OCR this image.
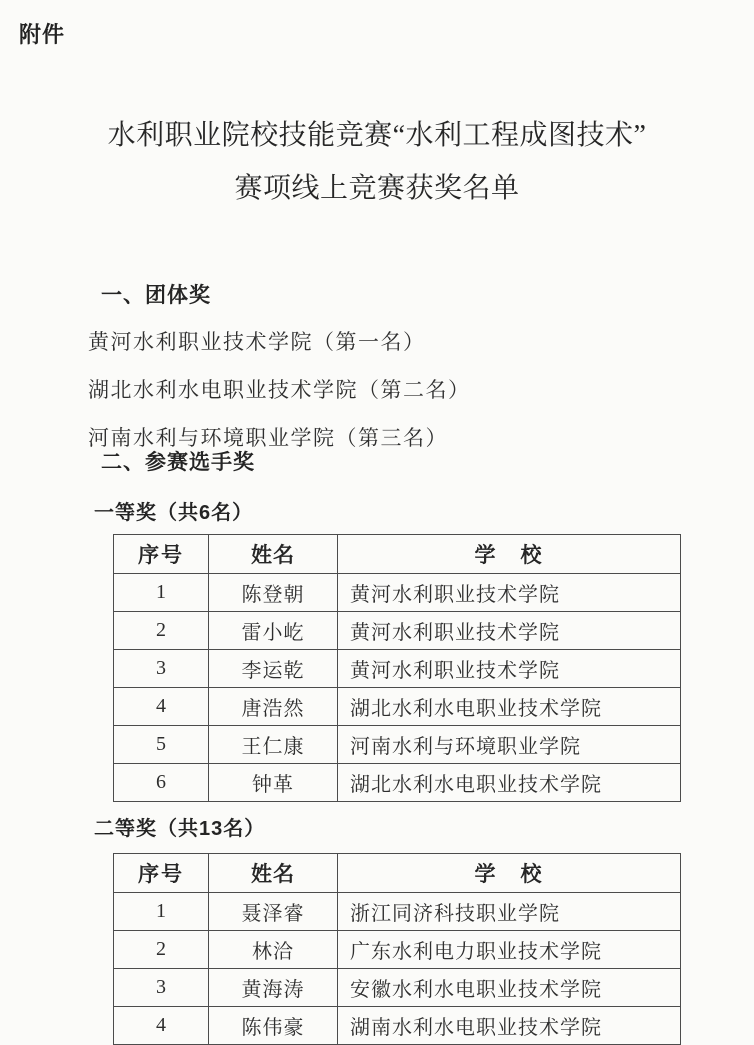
附件
水利职业院校技能竞赛“水利工程成图技术”
赛项线上竞赛获奖名单
一、团体奖
黄河水利职业技术学院（第一名）
湖北水利水电职业技术学院（第二名）
河南水利与环境职业学院（第三名）
二、参赛选手奖
一等奖（共6名）
序号	姓名	学　校
1	陈登朝	黄河水利职业技术学院
2	雷小屹	黄河水利职业技术学院
3	李运乾	黄河水利职业技术学院
4	唐浩然	湖北水利水电职业技术学院
5	王仁康	河南水利与环境职业学院
6	钟革	湖北水利水电职业技术学院
二等奖（共13名）
序号	姓名	学　校
1	聂泽睿	浙江同济科技职业学院
2	林洽	广东水利电力职业技术学院
3	黄海涛	安徽水利水电职业技术学院
4	陈伟豪	湖南水利水电职业技术学院
